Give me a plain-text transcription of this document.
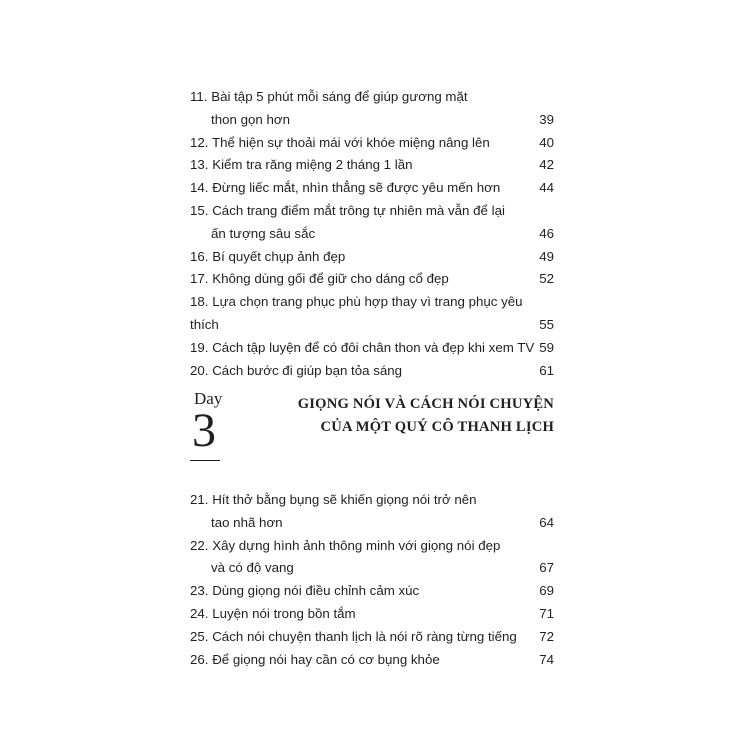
11. Bài tập 5 phút mỗi sáng để giúp gương mặt
thon gọn hơn	39
12. Thể hiện sự thoải mái với khóe miệng nâng lên	40
13. Kiểm tra răng miệng 2 tháng 1 lần	42
14. Đừng liếc mắt, nhìn thẳng sẽ được yêu mến hơn	44
15. Cách trang điểm mắt trông tự nhiên mà vẫn để lại
ấn tượng sâu sắc	46
16. Bí quyết chụp ảnh đẹp	49
17. Không dùng gối để giữ cho dáng cổ đẹp	52
18. Lựa chọn trang phục phù hợp thay vì trang phục yêu thích	55
19. Cách tập luyện để có đôi chân thon và đẹp khi xem TV 59
20. Cách bước đi giúp bạn tỏa sáng	61
Day
3	GIỌNG NÓI VÀ CÁCH NÓI CHUYỆN
CỦA MỘT QUÝ CÔ THANH LỊCH
21. Hít thở bằng bụng sẽ khiến giọng nói trở nên
tao nhã hơn	64
22. Xây dựng hình ảnh thông minh với giọng nói đẹp
và có độ vang	67
23. Dùng giọng nói điều chỉnh cảm xúc	69
24. Luyện nói trong bồn tắm	71
25. Cách nói chuyện thanh lịch là nói rõ ràng từng tiếng	72
26. Để giọng nói hay cần có cơ bụng khỏe	74
